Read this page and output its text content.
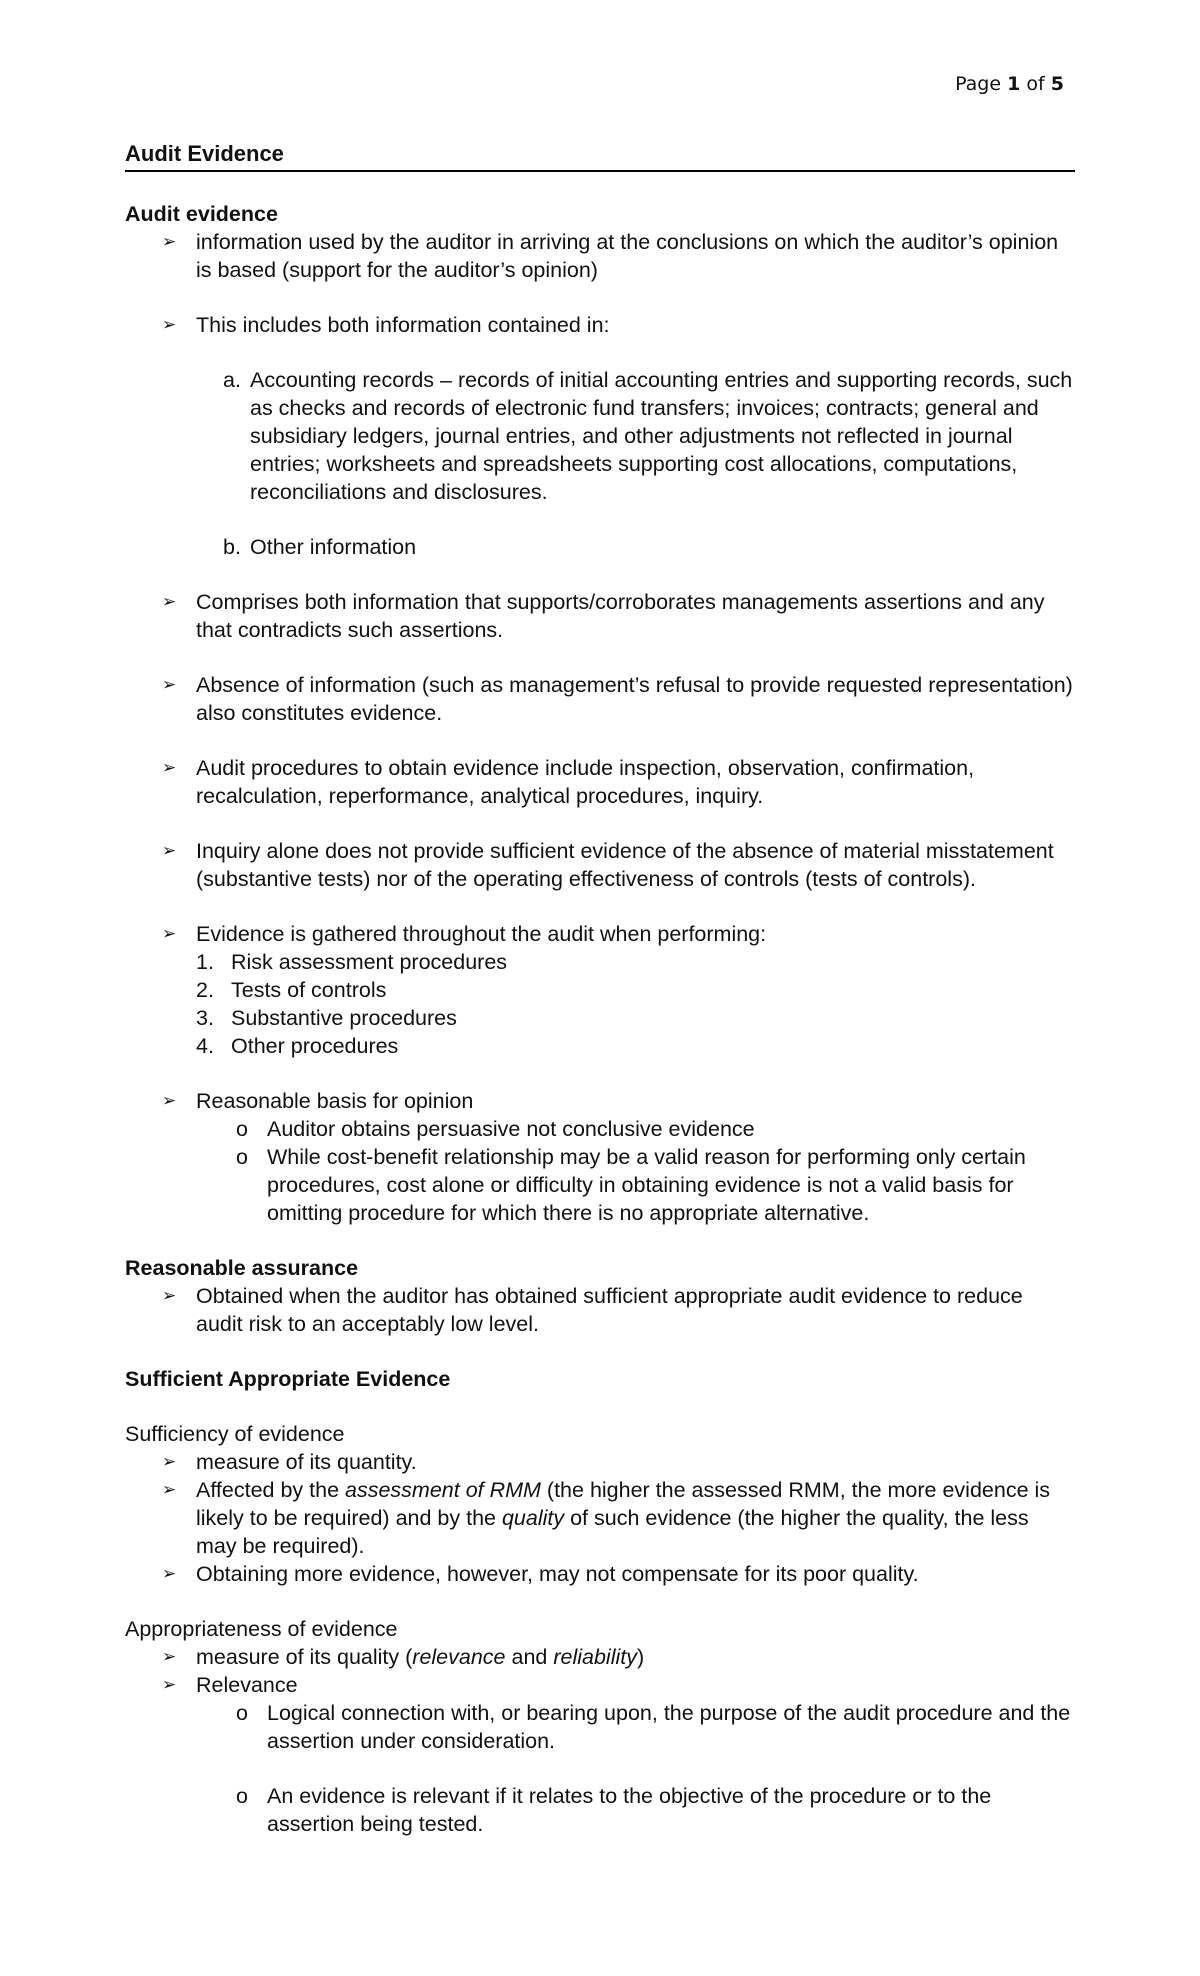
Page 1 of 5
Audit Evidence

Audit evidence

➢ information used by the auditor in arriving at the conclusions on which the auditor’s opinion is based (support for the auditor’s opinion)
➢ This includes both information contained in:
a. Accounting records – records of initial accounting entries and supporting records, such as checks and records of electronic fund transfers; invoices; contracts; general and subsidiary ledgers, journal entries, and other adjustments not reflected in journal entries; worksheets and spreadsheets supporting cost allocations, computations, reconciliations and disclosures.
b. Other information
➢ Comprises both information that supports/corroborates managements assertions and any that contradicts such assertions.
➢ Absence of information (such as management’s refusal to provide requested representation) also constitutes evidence.
➢ Audit procedures to obtain evidence include inspection, observation, confirmation, recalculation, reperformance, analytical procedures, inquiry.
➢ Inquiry alone does not provide sufficient evidence of the absence of material misstatement (substantive tests) nor of the operating effectiveness of controls (tests of controls).
➢ Evidence is gathered throughout the audit when performing:
1. Risk assessment procedures
2. Tests of controls
3. Substantive procedures
4. Other procedures
➢ Reasonable basis for opinion
o Auditor obtains persuasive not conclusive evidence
o While cost-benefit relationship may be a valid reason for performing only certain procedures, cost alone or difficulty in obtaining evidence is not a valid basis for omitting procedure for which there is no appropriate alternative.

Reasonable assurance

➢ Obtained when the auditor has obtained sufficient appropriate audit evidence to reduce audit risk to an acceptably low level.

Sufficient Appropriate Evidence

Sufficiency of evidence

➢ measure of its quantity.
➢ Affected by the assessment of RMM (the higher the assessed RMM, the more evidence is likely to be required) and by the quality of such evidence (the higher the quality, the less may be required).
➢ Obtaining more evidence, however, may not compensate for its poor quality.

Appropriateness of evidence

➢ measure of its quality (relevance and reliability)
➢ Relevance
o Logical connection with, or bearing upon, the purpose of the audit procedure and the assertion under consideration.
o An evidence is relevant if it relates to the objective of the procedure or to the assertion being tested.
